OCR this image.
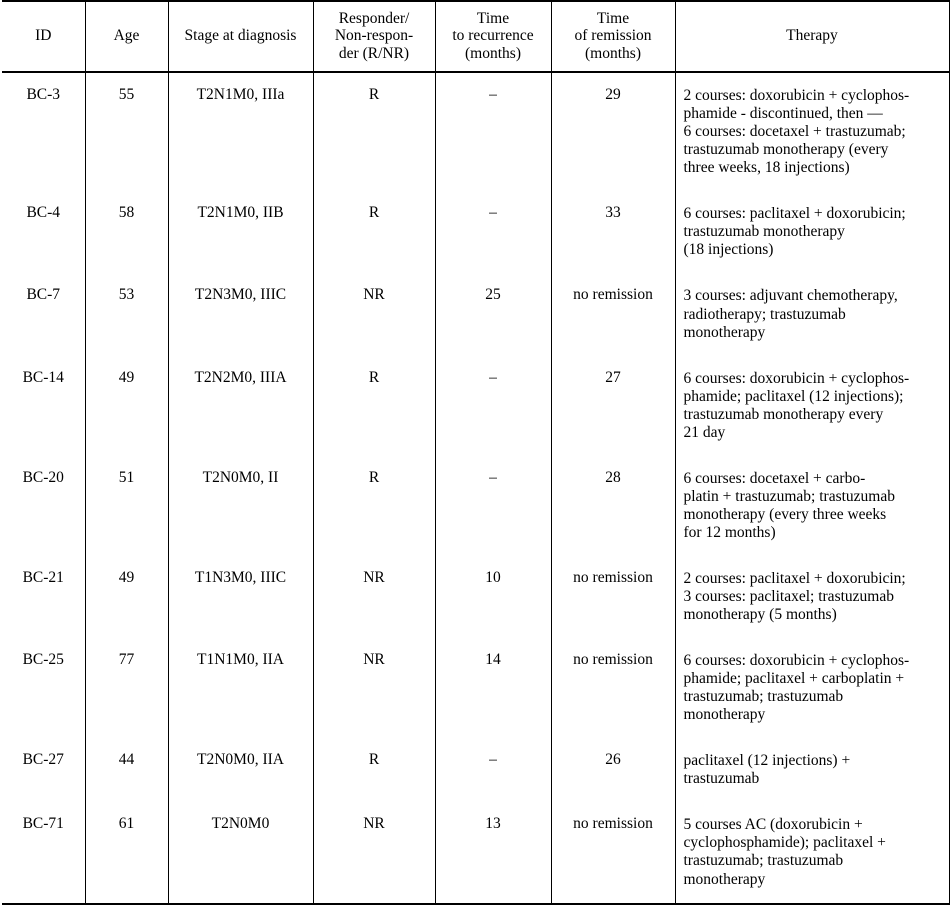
ID	Age	Stage at diagnosis	Responder/
Non-respon-
der (R/NR)	Time
to recurrence
(months)	Time
of remission
(months)	Therapy

BC-3	55	T2N1M0, IIIa	R	–	29	2 courses: doxorubicin + cyclophos-
phamide - discontinued, then —
6 courses: docetaxel + trastuzumab;
trastuzumab monotherapy (every
three weeks, 18 injections)

BC-4	58	T2N1M0, IIB	R	–	33	6 courses: paclitaxel + doxorubicin;
trastuzumab monotherapy
(18 injections)

BC-7	53	T2N3M0, IIIC	NR	25	no remission	3 courses: adjuvant chemotherapy,
radiotherapy; trastuzumab
monotherapy

BC-14	49	T2N2M0, IIIA	R	–	27	6 courses: doxorubicin + cyclophos-
phamide; paclitaxel (12 injections);
trastuzumab monotherapy every
21 day

BC-20	51	T2N0M0, II	R	–	28	6 courses: docetaxel + carbo-
platin + trastuzumab; trastuzumab
monotherapy (every three weeks
for 12 months)

BC-21	49	T1N3M0, IIIC	NR	10	no remission	2 courses: paclitaxel + doxorubicin;
3 courses: paclitaxel; trastuzumab
monotherapy (5 months)

BC-25	77	T1N1M0, IIA	NR	14	no remission	6 courses: doxorubicin + cyclophos-
phamide; paclitaxel + carboplatin +
trastuzumab; trastuzumab
monotherapy

BC-27	44	T2N0M0, IIA	R	–	26	paclitaxel (12 injections) +
trastuzumab

BC-71	61	T2N0M0	NR	13	no remission	5 courses AC (doxorubicin +
cyclophosphamide); paclitaxel +
trastuzumab; trastuzumab
monotherapy
